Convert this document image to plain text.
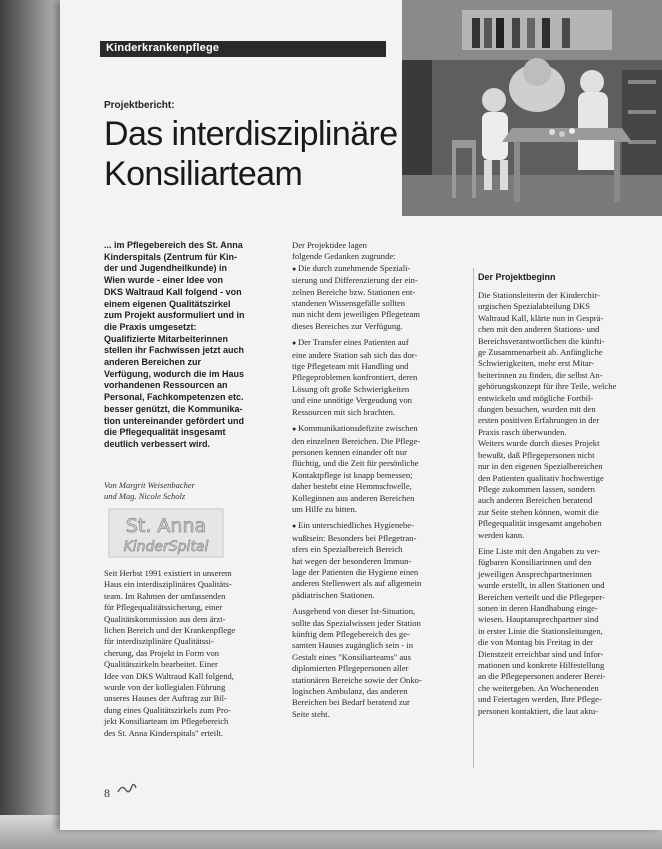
Kinderkrankenpflege
Projektbericht:
Das interdisziplinäre
Konsiliarteam
... im Pflegebereich des St. Anna
Kinderspitals (Zentrum für Kin-
der und Jugendheilkunde) in
Wien wurde - einer Idee von
DKS Waltraud Kall folgend - von
einem eigenen Qualitätszirkel
zum Projekt ausformuliert und in
die Praxis umgesetzt:
Qualifizierte Mitarbeiterinnen
stellen ihr Fachwissen jetzt auch
anderen Bereichen zur
Verfügung, wodurch die im Haus
vorhandenen Ressourcen an
Personal, Fachkompetenzen etc.
besser genützt, die Kommunika-
tion untereinander gefördert und
die Pflegequalität insgesamt
deutlich verbessert wird.
Von Margrit Weisenbacher
und Mag. Nicole Scholz
St. Anna
KinderSpital
Seit Herbst 1991 existiert in unserem
Haus ein interdisziplinäres Qualitäts-
team. Im Rahmen der umfassenden
für Pflegequalitätssicherung, einer
Qualitätskommission aus dem ärzt-
lichen Bereich und der Krankenpflege
für interdisziplinäre Qualitätssi-
cherung, das Projekt in Form von
Qualitätszirkeln bearbeitet. Einer
Idee von DKS Waltraud Kall folgend,
wurde von der kollegialen Führung
unseres Hauses der Auftrag zur Bil-
dung eines Qualitätszirkels zum Pro-
jekt Konsiliarteam im Pflegebereich
des St. Anna Kinderspitals" erteilt.
Der Projektidee lagen
folgende Gedanken zugrunde:
● Die durch zunehmende Speziali-
sierung und Differenzierung der ein-
zelnen Bereiche bzw. Stationen ent-
standenen Wissensgefälle sollten
nun nicht dem jeweiligen Pflegeteam
dieses Bereiches zur Verfügung.
● Der Transfer eines Patienten auf
eine andere Station sah sich das dor-
tige Pflegeteam mit Handling und
Pflegeproblemen konfrontiert, deren
Lösung oft große Schwierigkeiten
und eine unnötige Vergeudung von
Ressourcen mit sich brachten.
● Kommunikationsdefizite zwischen
den einzelnen Bereichen. Die Pflege-
personen kennen einander oft nur
flüchtig, und die Zeit für persönliche
Kontaktpflege ist knapp bemessen;
daher besteht eine Hemmschwelle,
Kolleginnen aus anderen Bereichen
um Hilfe zu bitten.
● Ein unterschiedliches Hygienebe-
wußtsein: Besonders bei Pflegetran-
sfers ein Spezialbereich Bereich
hat wegen der besonderen Immun-
lage der Patienten die Hygiene einen
anderen Stellenwert als auf allgemein
pädiatrischen Stationen.
Ausgehend von dieser Ist-Situation,
sollte das Spezialwissen jeder Station
künftig dem Pflegebereich des ge-
samten Hauses zugänglich sein - in
Gestalt eines "Konsiliarteams" aus
diplomierten Pflegepersonen aller
stationären Bereiche sowie der Onko-
logischen Ambulanz, das anderen
Bereichen bei Bedarf beratend zur
Seite steht.
Der Projektbeginn
Die Stationsleiterin der Kinderchir-
urgischen Spezialabteilung DKS
Waltraud Kall, klärte nun in Gesprä-
chen mit den anderen Stations- und
Bereichsverantwortlichen die künfti-
ge Zusammenarbeit ab. Anfängliche
Schwierigkeiten, mehr erst Mitar-
beiterinnen zu finden, die selbst An-
gehörungskonzept für ihre Teile, welche
entwickeln und mögliche Fortbil-
dungen besuchen, wurden mit den
ersten positiven Erfahrungen in der
Praxis rasch überwunden.
Weiters wurde durch dieses Projekt
bewußt, daß Pflegepersonen nicht
nur in den eigenen Spezialbereichen
den Patienten qualitativ hochwertige
Pflege zukommen lassen, sondern
auch anderen Bereichen beratend
zur Seite stehen können, womit die
Pflegequalität insgesamt angehoben
werden kann.
Eine Liste mit den Angaben zu ver-
fügbaren Konsiliarinnen und den
jeweiligen Ansprechpartnerinnen
wurde erstellt, in allen Stationen und
Bereichen verteilt und die Pflegeper-
sonen in deren Handhabung einge-
wiesen. Hauptansprechpartner sind
in erster Linie die Stationsleitungen,
die von Montag bis Freitag in der
Dienstzeit erreichbar sind und Infor-
mationen und konkrete Hilfestellung
an die Pflegepersonen anderer Berei-
che weitergeben. An Wochenenden
und Feiertagen werden, Ihre Pflege-
personen kontaktiert, die laut aktu-
8
